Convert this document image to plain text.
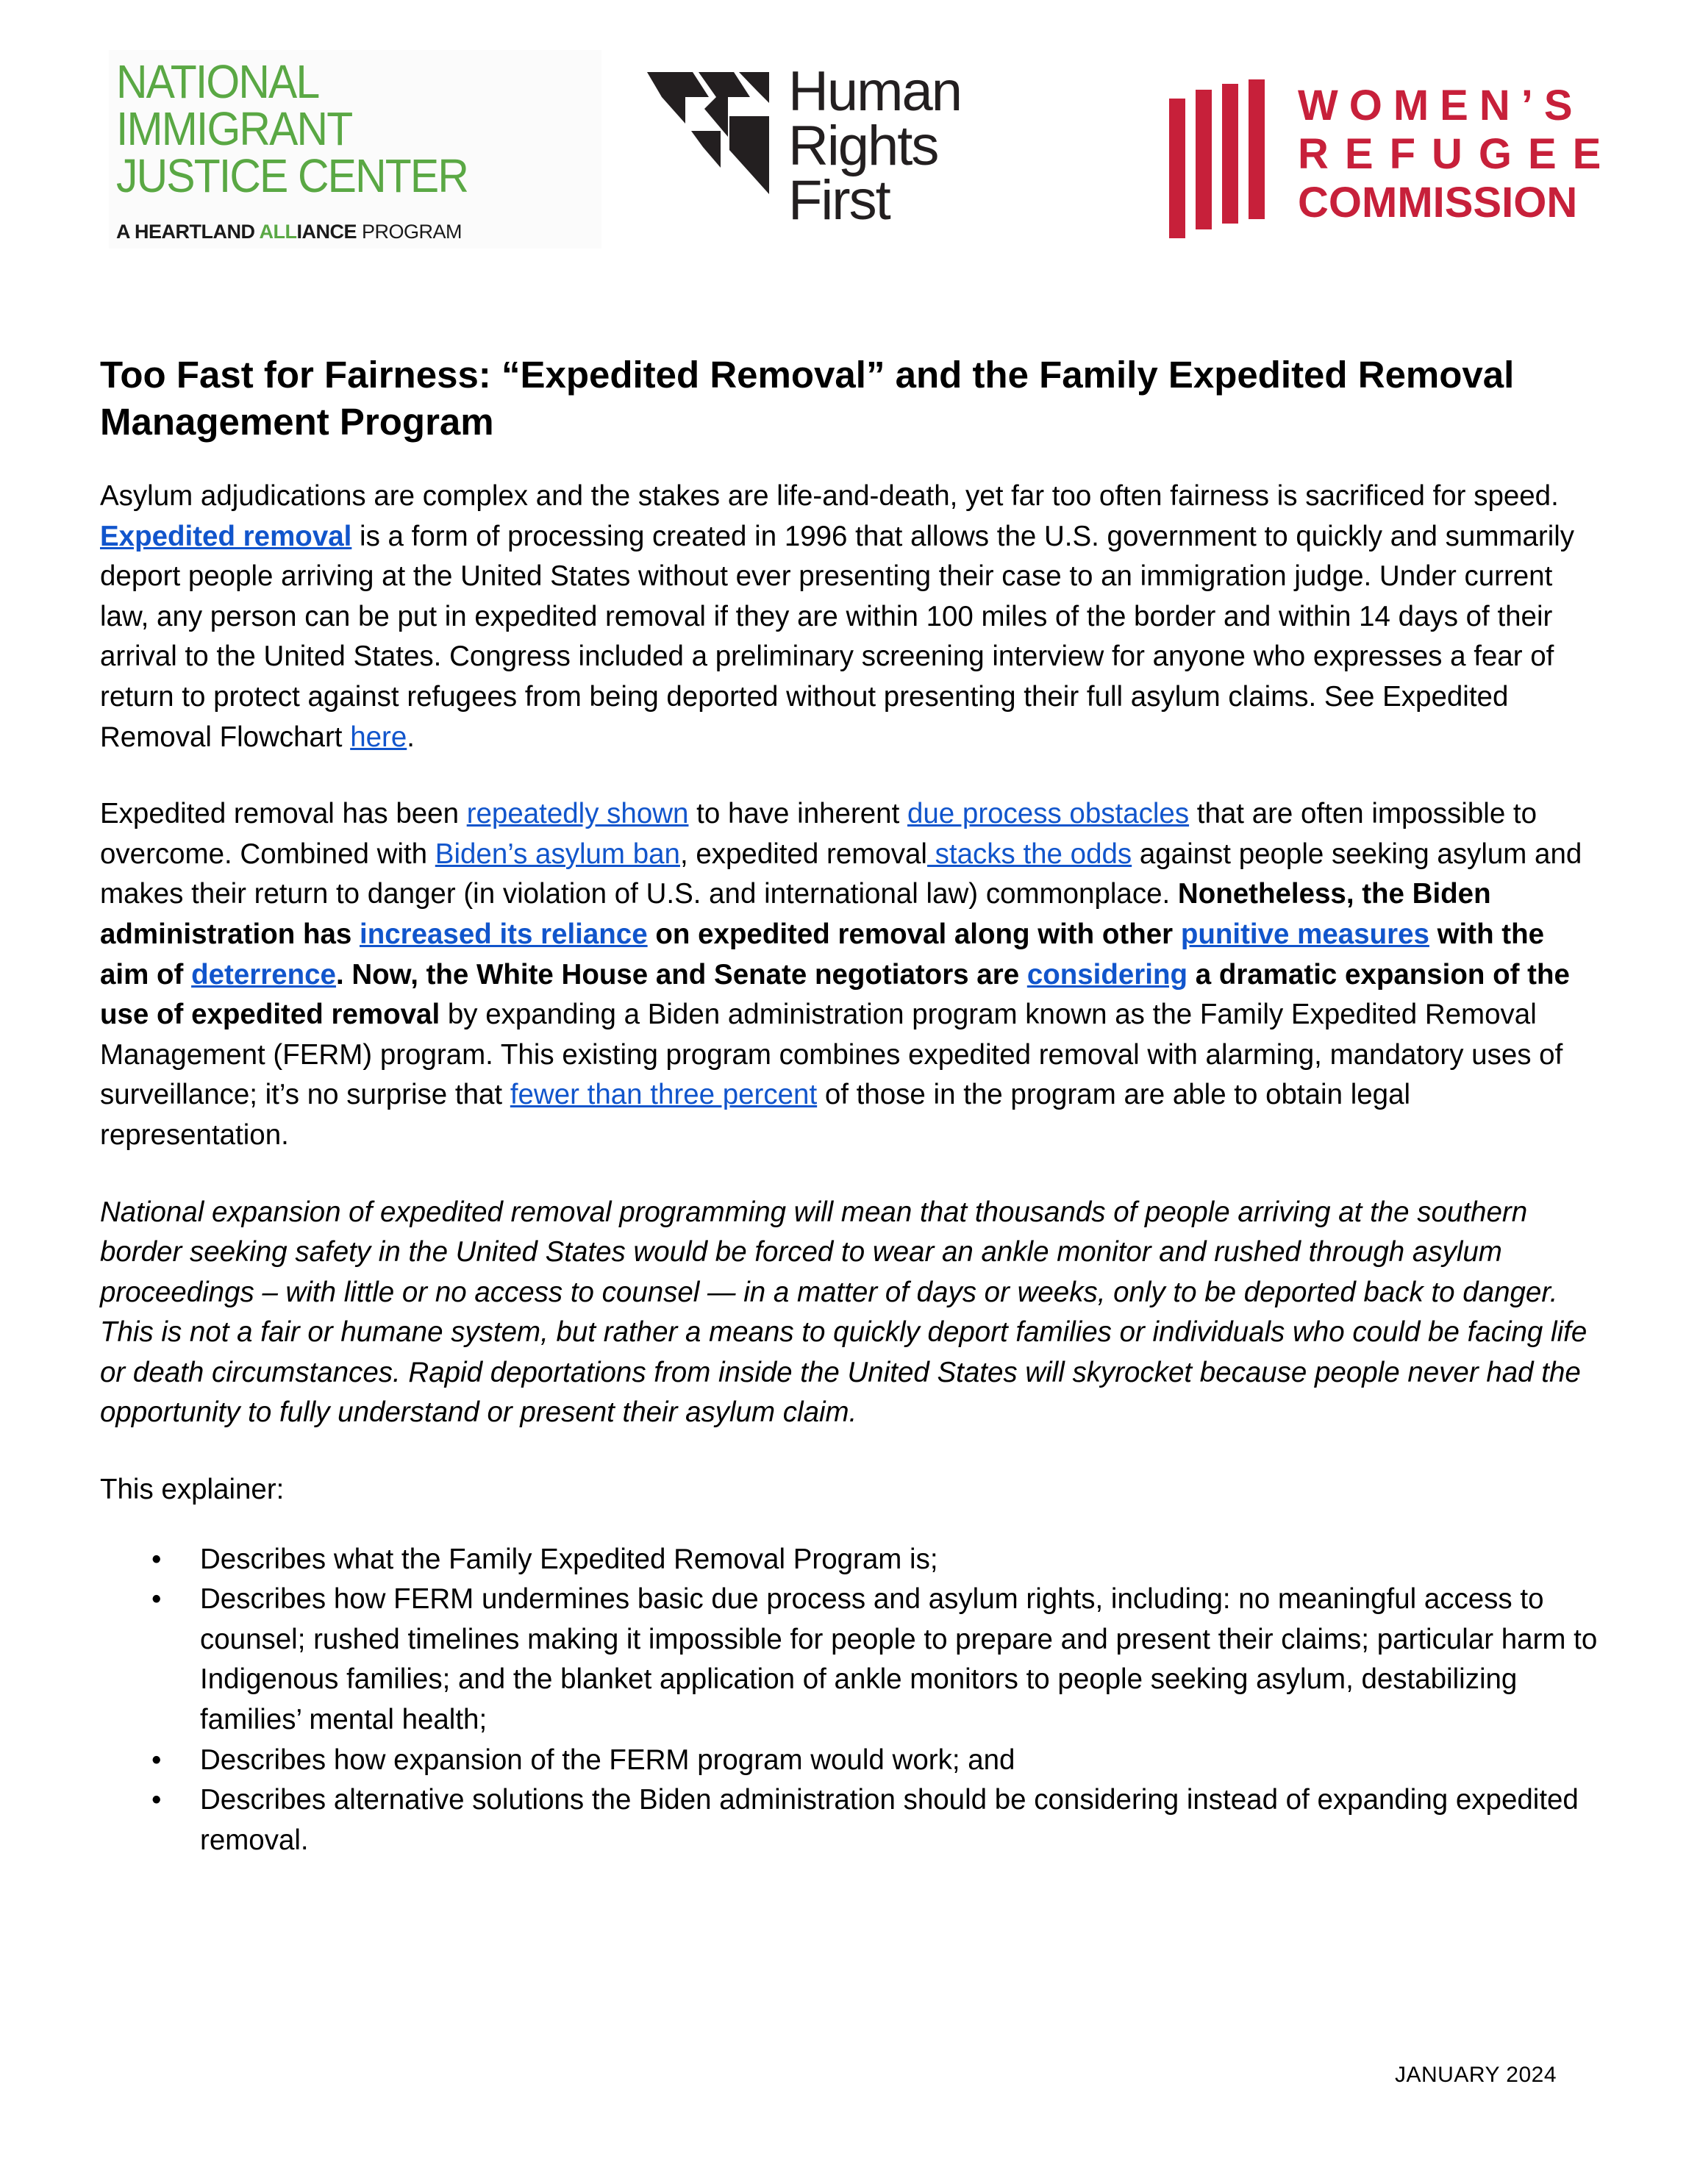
NATIONAL
IMMIGRANT
JUSTICE CENTER
A HEARTLAND ALLIANCE PROGRAM
Human
Rights
First
WOMEN’S
REFUGEE
COMMISSION
Too Fast for Fairness: “Expedited Removal” and the Family Expedited Removal Management Program

Asylum adjudications are complex and the stakes are life-and-death, yet far too often fairness is sacrificed for speed. Expedited removal is a form of processing created in 1996 that allows the U.S. government to quickly and summarily deport people arriving at the United States without ever presenting their case to an immigration judge. Under current law, any person can be put in expedited removal if they are within 100 miles of the border and within 14 days of their arrival to the United States. Congress included a preliminary screening interview for anyone who expresses a fear of return to protect against refugees from being deported without presenting their full asylum claims. See Expedited Removal Flowchart here.

Expedited removal has been repeatedly shown to have inherent due process obstacles that are often impossible to overcome. Combined with Biden’s asylum ban, expedited removal stacks the odds against people seeking asylum and makes their return to danger (in violation of U.S. and international law) commonplace. Nonetheless, the Biden administration has increased its reliance on expedited removal along with other punitive measures with the aim of deterrence. Now, the White House and Senate negotiators are considering a dramatic expansion of the use of expedited removal by expanding a Biden administration program known as the Family Expedited Removal Management (FERM) program. This existing program combines expedited removal with alarming, mandatory uses of surveillance; it’s no surprise that fewer than three percent of those in the program are able to obtain legal representation.

National expansion of expedited removal programming will mean that thousands of people arriving at the southern border seeking safety in the United States would be forced to wear an ankle monitor and rushed through asylum proceedings – with little or no access to counsel — in a matter of days or weeks, only to be deported back to danger. This is not a fair or humane system, but rather a means to quickly deport families or individuals who could be facing life or death circumstances. Rapid deportations from inside the United States will skyrocket because people never had the opportunity to fully understand or present their asylum claim.

This explainer:

• Describes what the Family Expedited Removal Program is;
• Describes how FERM undermines basic due process and asylum rights, including: no meaningful access to counsel; rushed timelines making it impossible for people to prepare and present their claims; particular harm to Indigenous families; and the blanket application of ankle monitors to people seeking asylum, destabilizing families’ mental health;
• Describes how expansion of the FERM program would work; and
• Describes alternative solutions the Biden administration should be considering instead of expanding expedited removal.
JANUARY 2024
